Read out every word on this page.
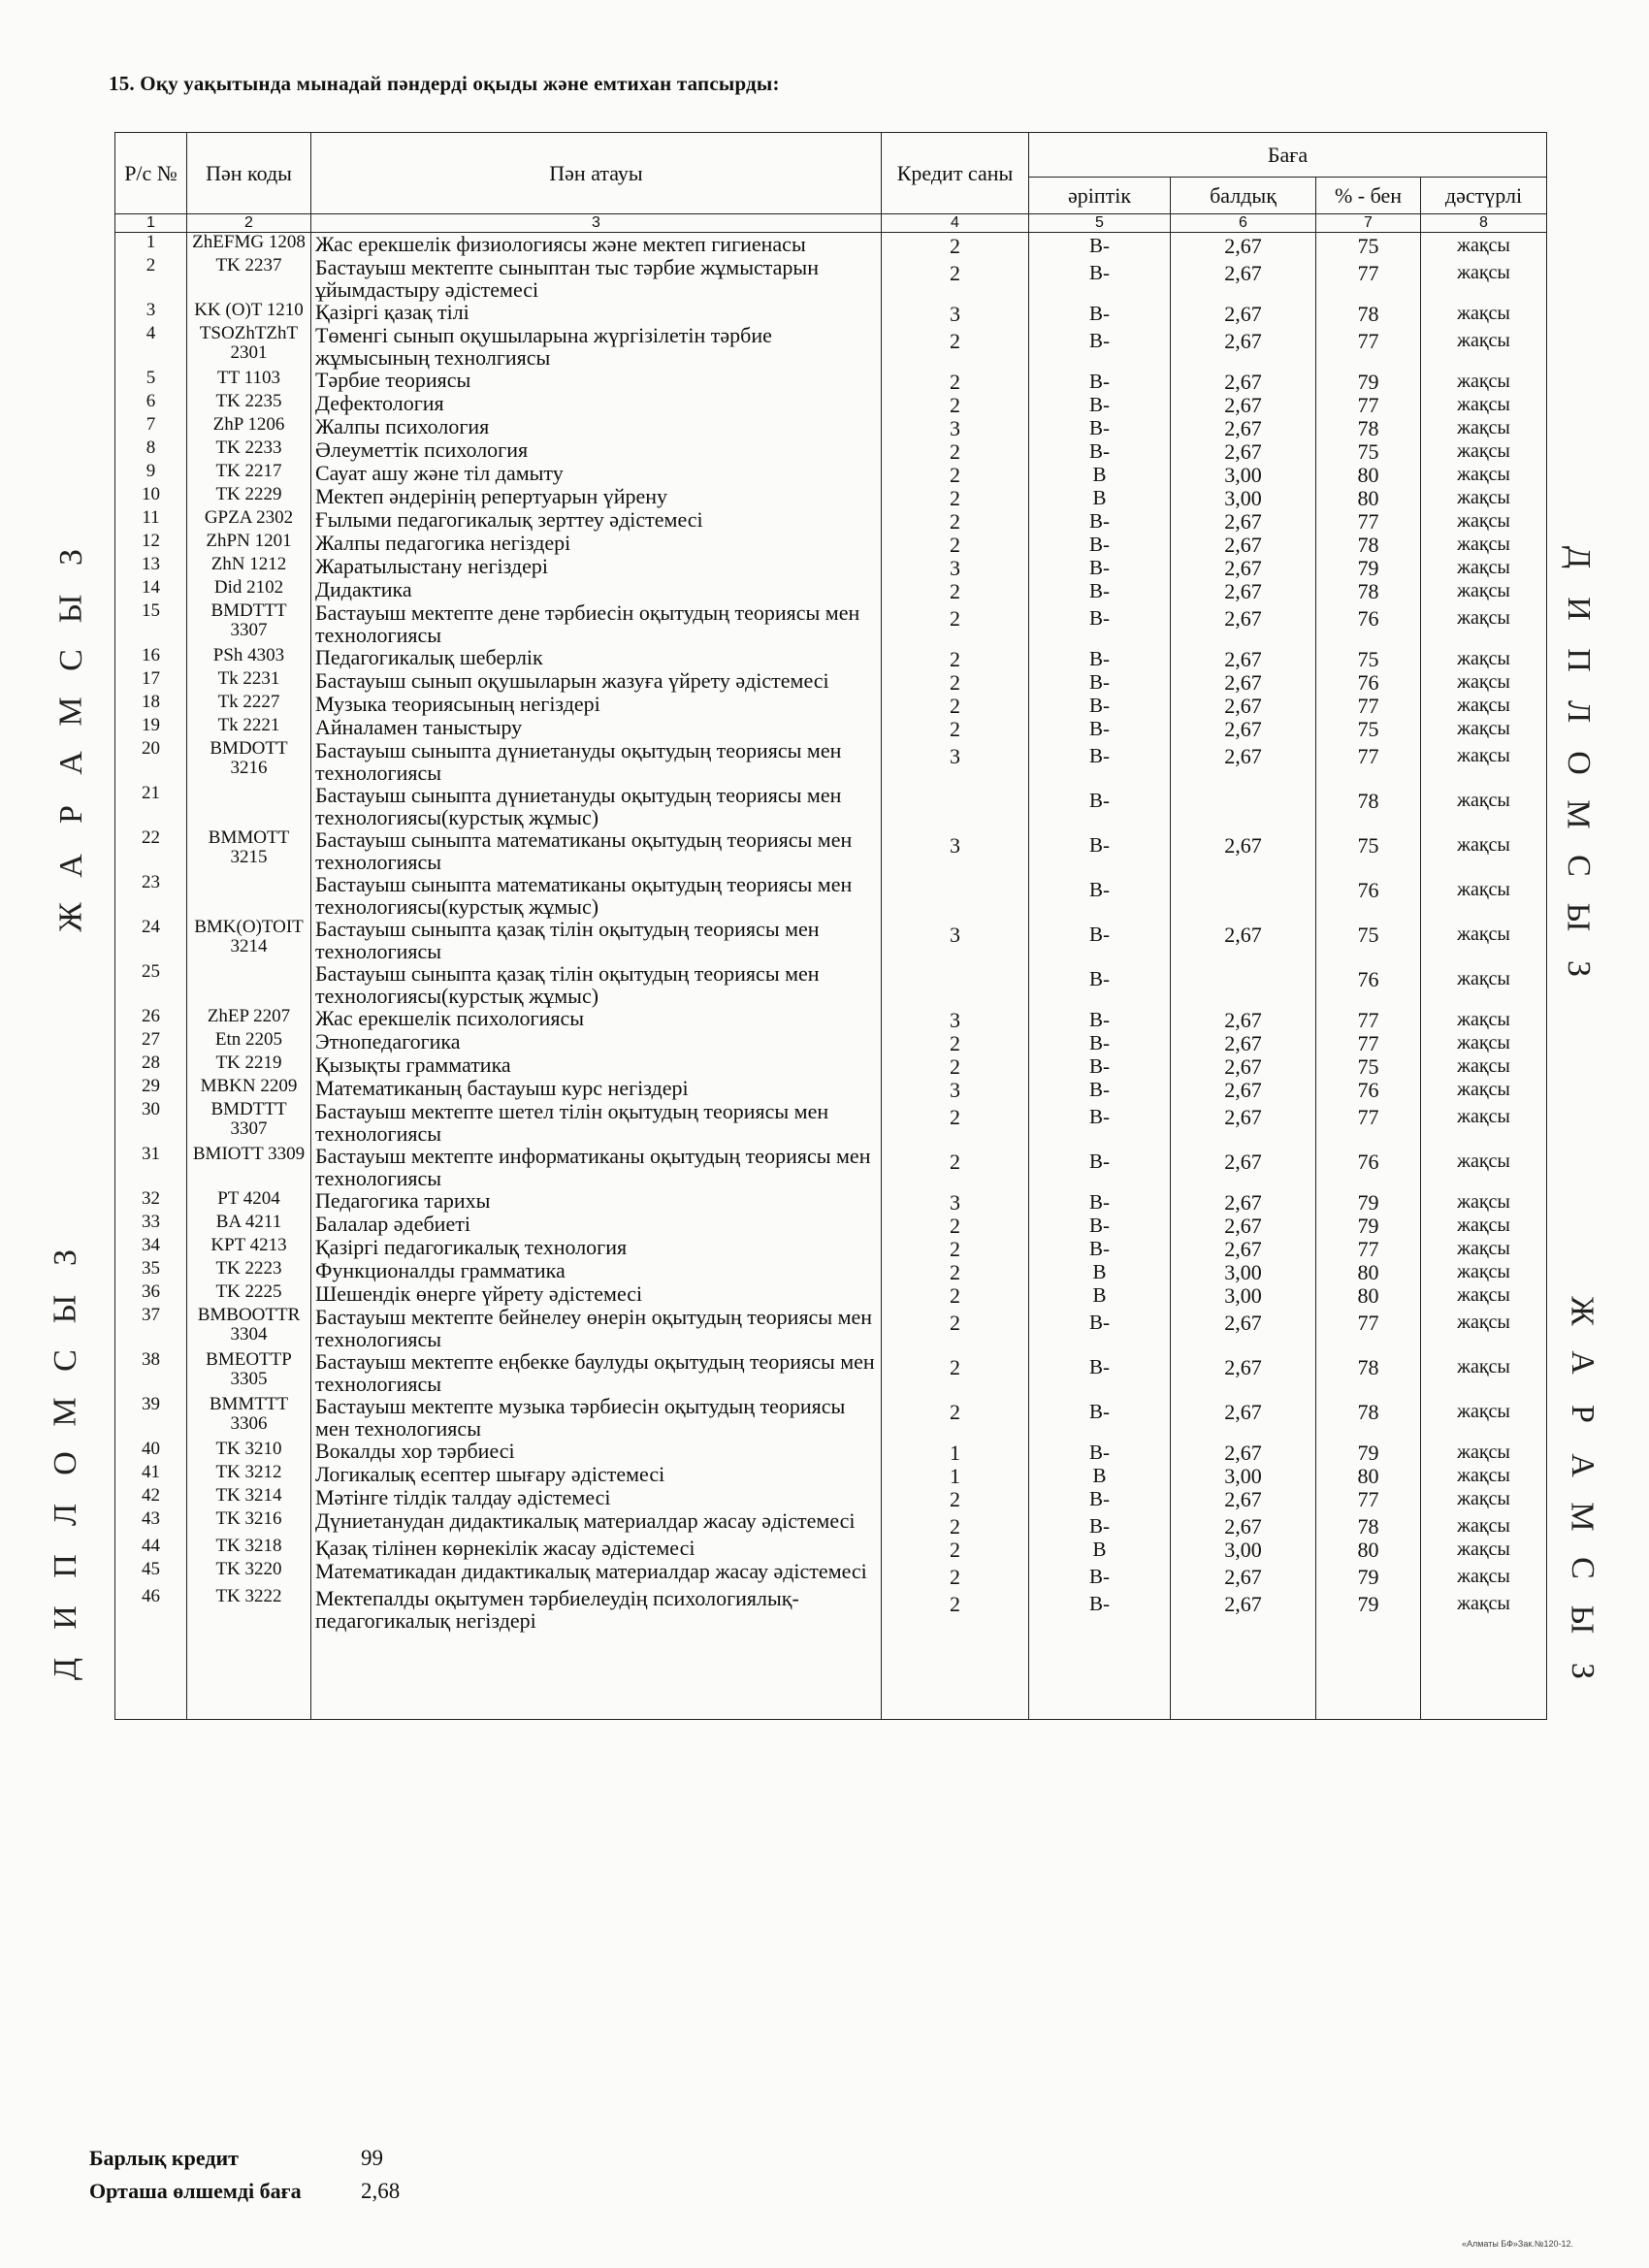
15. Оқу уақытында мынадай пәндерді оқыды және емтихан тапсырды:
Р/с №	Пән коды	Пән атауы	Кредит саны	Баға			
				әріптік	балдық	% - бен	дәстүрлі
1	2	3	4	5	6	7	8
1	ZhEFMG 1208	Жас ерекшелік физиологиясы және мектеп гигиенасы	2	В-	2,67	75	жақсы
2	TK 2237	Бастауыш мектепте сыныптан тыс тәрбие жұмыстарын ұйымдастыру әдістемесі	2	В-	2,67	77	жақсы
3	KK (O)T 1210	Қазіргі қазақ тілі	3	В-	2,67	78	жақсы
4	TSOZhTZhT 2301	Төменгі сынып оқушыларына жүргізілетін тәрбие жұмысының технолгиясы	2	В-	2,67	77	жақсы
5	TT 1103	Тәрбие теориясы	2	В-	2,67	79	жақсы
6	TK 2235	Дефектология	2	В-	2,67	77	жақсы
7	ZhP 1206	Жалпы психология	3	В-	2,67	78	жақсы
8	TK 2233	Әлеуметтік психология	2	В-	2,67	75	жақсы
9	TK 2217	Сауат ашу және тіл дамыту	2	В	3,00	80	жақсы
10	TK 2229	Мектеп әндерінің репертуарын үйрену	2	В	3,00	80	жақсы
11	GPZA 2302	Ғылыми педагогикалық зерттеу әдістемесі	2	В-	2,67	77	жақсы
12	ZhPN 1201	Жалпы педагогика негіздері	2	В-	2,67	78	жақсы
13	ZhN 1212	Жаратылыстану негіздері	3	В-	2,67	79	жақсы
14	Did 2102	Дидактика	2	В-	2,67	78	жақсы
15	BMDTTT 3307	Бастауыш мектепте дене тәрбиесін оқытудың теориясы мен технологиясы	2	В-	2,67	76	жақсы
16	PSh 4303	Педагогикалық шеберлік	2	В-	2,67	75	жақсы
17	Tk 2231	Бастауыш сынып оқушыларын жазуға үйрету әдістемесі	2	В-	2,67	76	жақсы
18	Tk 2227	Музыка теориясының негіздері	2	В-	2,67	77	жақсы
19	Tk 2221	Айналамен таныстыру	2	В-	2,67	75	жақсы
20	BMDOTT 3216	Бастауыш сыныпта дүниетануды оқытудың теориясы мен технологиясы	3	В-	2,67	77	жақсы
21		Бастауыш сыныпта дүниетануды оқытудың теориясы мен технологиясы(курстық жұмыс)		В-		78	жақсы
22	BMMOTT 3215	Бастауыш сыныпта математиканы оқытудың теориясы мен технологиясы	3	В-	2,67	75	жақсы
23		Бастауыш сыныпта математиканы оқытудың теориясы мен технологиясы(курстық жұмыс)		В-		76	жақсы
24	BMK(O)TOIT 3214	Бастауыш сыныпта қазақ тілін оқытудың теориясы мен технологиясы	3	В-	2,67	75	жақсы
25		Бастауыш сыныпта қазақ тілін оқытудың теориясы мен технологиясы(курстық жұмыс)		В-		76	жақсы
26	ZhEP 2207	Жас ерекшелік психологиясы	3	В-	2,67	77	жақсы
27	Etn 2205	Этнопедагогика	2	В-	2,67	77	жақсы
28	TK 2219	Қызықты грамматика	2	В-	2,67	75	жақсы
29	MBKN 2209	Математиканың бастауыш курс негіздері	3	В-	2,67	76	жақсы
30	BMDTTT 3307	Бастауыш мектепте шетел тілін оқытудың теориясы мен технологиясы	2	В-	2,67	77	жақсы
31	BMIOTT 3309	Бастауыш мектепте информатиканы оқытудың теориясы мен технологиясы	2	В-	2,67	76	жақсы
32	PT 4204	Педагогика тарихы	3	В-	2,67	79	жақсы
33	BA 4211	Балалар әдебиеті	2	В-	2,67	79	жақсы
34	KPT 4213	Қазіргі педагогикалық технология	2	В-	2,67	77	жақсы
35	TK 2223	Функционалды грамматика	2	В	3,00	80	жақсы
36	TK 2225	Шешендік өнерге үйрету әдістемесі	2	В	3,00	80	жақсы
37	BMBOOTTR 3304	Бастауыш мектепте бейнелеу өнерін оқытудың теориясы мен технологиясы	2	В-	2,67	77	жақсы
38	BMEOTTP 3305	Бастауыш мектепте еңбекке баулуды оқытудың теориясы мен технологиясы	2	В-	2,67	78	жақсы
39	BMMTTT 3306	Бастауыш мектепте музыка тәрбиесін оқытудың теориясы мен технологиясы	2	В-	2,67	78	жақсы
40	TK 3210	Вокалды хор тәрбиесі	1	В-	2,67	79	жақсы
41	TK 3212	Логикалық есептер шығару әдістемесі	1	В	3,00	80	жақсы
42	TK 3214	Мәтінге тілдік талдау әдістемесі	2	В-	2,67	77	жақсы
43	TK 3216	Дүниетанудан дидактикалық материалдар жасау әдістемесі	2	В-	2,67	78	жақсы
44	TK 3218	Қазақ тілінен көрнекілік жасау әдістемесі	2	В	3,00	80	жақсы
45	TK 3220	Математикадан дидактикалық материалдар жасау әдістемесі	2	В-	2,67	79	жақсы
46	TK 3222	Мектепалды оқытумен тәрбиелеудің психологиялық-педагогикалық негіздері	2	В-	2,67	79	жақсы

Барлық кредит	99
Орташа өлшемді баға	2,68
Ж
А
Р
А
М
С
Ы
З
Д
И
П
Л
О
М
С
Ы
З
Д
И
П
Л
О
М
С
Ы
З
Ж
А
Р
А
М
С
Ы
З
«Алматы БФ»Зак.№120-12.
